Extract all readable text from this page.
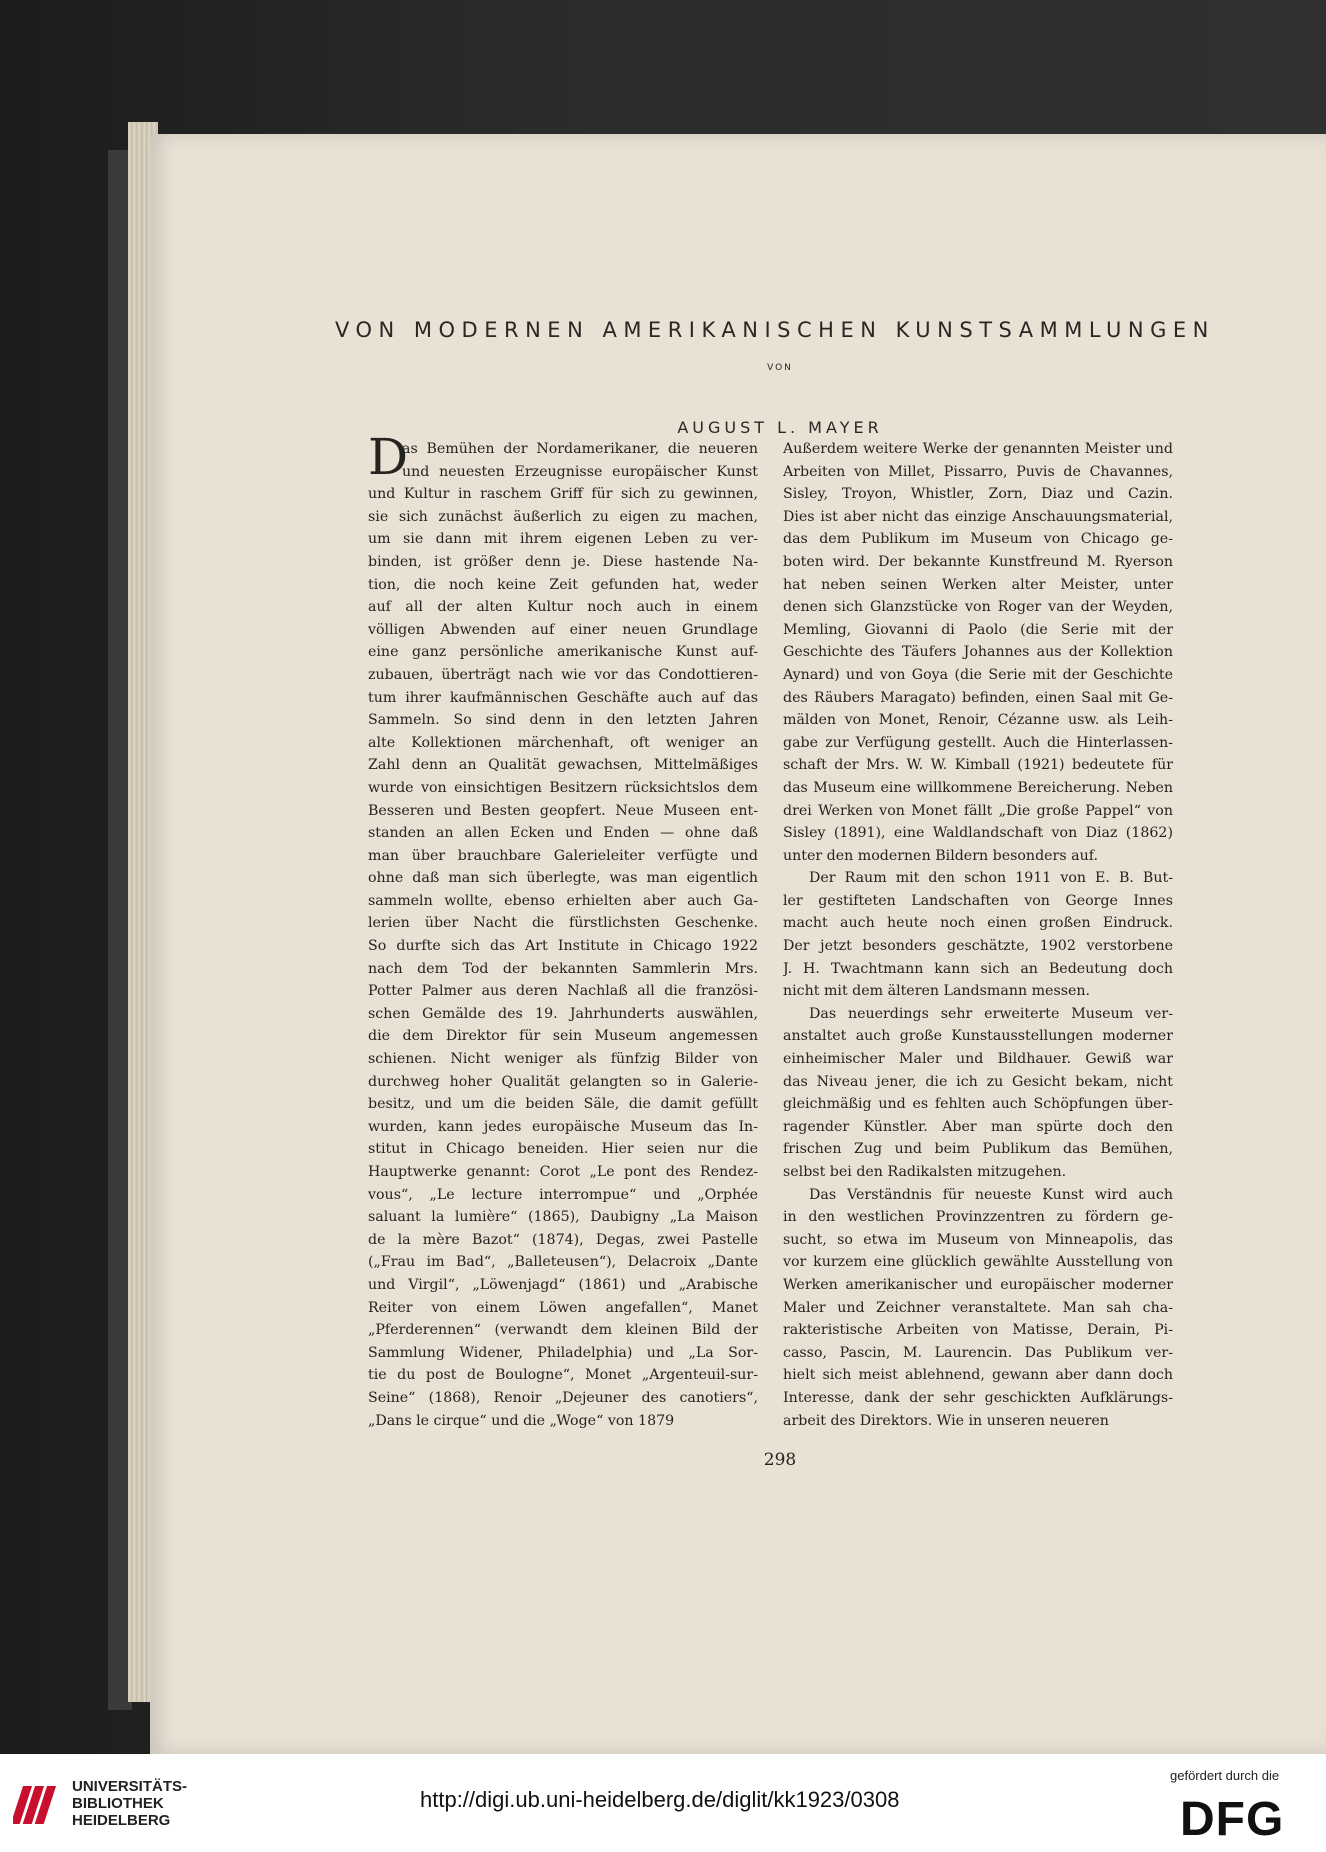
VON MODERNEN AMERIKANISCHEN KUNSTSAMMLUNGEN
VON
AUGUST L. MAYER
D
as Bemühen der Nordamerikaner, die neueren
und neuesten Erzeugnisse europäischer Kunst
und Kultur in raschem Griff für sich zu gewinnen,
sie sich zunächst äußerlich zu eigen zu machen,
um sie dann mit ihrem eigenen Leben zu ver-
binden, ist größer denn je. Diese hastende Na-
tion, die noch keine Zeit gefunden hat, weder
auf all der alten Kultur noch auch in einem
völligen Abwenden auf einer neuen Grundlage
eine ganz persönliche amerikanische Kunst auf-
zubauen, überträgt nach wie vor das Condottieren-
tum ihrer kaufmännischen Geschäfte auch auf das
Sammeln. So sind denn in den letzten Jahren
alte Kollektionen märchenhaft, oft weniger an
Zahl denn an Qualität gewachsen, Mittelmäßiges
wurde von einsichtigen Besitzern rücksichtslos dem
Besseren und Besten geopfert. Neue Museen ent-
standen an allen Ecken und Enden — ohne daß
man über brauchbare Galerieleiter verfügte und
ohne daß man sich überlegte, was man eigentlich
sammeln wollte, ebenso erhielten aber auch Ga-
lerien über Nacht die fürstlichsten Geschenke.
So durfte sich das Art Institute in Chicago 1922
nach dem Tod der bekannten Sammlerin Mrs.
Potter Palmer aus deren Nachlaß all die französi-
schen Gemälde des 19. Jahrhunderts auswählen,
die dem Direktor für sein Museum angemessen
schienen. Nicht weniger als fünfzig Bilder von
durchweg hoher Qualität gelangten so in Galerie-
besitz, und um die beiden Säle, die damit gefüllt
wurden, kann jedes europäische Museum das In-
stitut in Chicago beneiden. Hier seien nur die
Hauptwerke genannt: Corot „Le pont des Rendez-
vous“, „Le lecture interrompue“ und „Orphée
saluant la lumière“ (1865), Daubigny „La Maison
de la mère Bazot“ (1874), Degas, zwei Pastelle
(„Frau im Bad“, „Balleteusen“), Delacroix „Dante
und Virgil“, „Löwenjagd“ (1861) und „Arabische
Reiter von einem Löwen angefallen“, Manet
„Pferderennen“ (verwandt dem kleinen Bild der
Sammlung Widener, Philadelphia) und „La Sor-
tie du post de Boulogne“, Monet „Argenteuil-sur-
Seine“ (1868), Renoir „Dejeuner des canotiers“,
„Dans le cirque“ und die „Woge“ von 1879
Außerdem weitere Werke der genannten Meister und
Arbeiten von Millet, Pissarro, Puvis de Chavannes,
Sisley, Troyon, Whistler, Zorn, Diaz und Cazin.
Dies ist aber nicht das einzige Anschauungsmaterial,
das dem Publikum im Museum von Chicago ge-
boten wird. Der bekannte Kunstfreund M. Ryerson
hat neben seinen Werken alter Meister, unter
denen sich Glanzstücke von Roger van der Weyden,
Memling, Giovanni di Paolo (die Serie mit der
Geschichte des Täufers Johannes aus der Kollektion
Aynard) und von Goya (die Serie mit der Geschichte
des Räubers Maragato) befinden, einen Saal mit Ge-
mälden von Monet, Renoir, Cézanne usw. als Leih-
gabe zur Verfügung gestellt. Auch die Hinterlassen-
schaft der Mrs. W. W. Kimball (1921) bedeutete für
das Museum eine willkommene Bereicherung. Neben
drei Werken von Monet fällt „Die große Pappel“ von
Sisley (1891), eine Waldlandschaft von Diaz (1862)
unter den modernen Bildern besonders auf.
Der Raum mit den schon 1911 von E. B. But-
ler gestifteten Landschaften von George Innes
macht auch heute noch einen großen Eindruck.
Der jetzt besonders geschätzte, 1902 verstorbene
J. H. Twachtmann kann sich an Bedeutung doch
nicht mit dem älteren Landsmann messen.
Das neuerdings sehr erweiterte Museum ver-
anstaltet auch große Kunstausstellungen moderner
einheimischer Maler und Bildhauer. Gewiß war
das Niveau jener, die ich zu Gesicht bekam, nicht
gleichmäßig und es fehlten auch Schöpfungen über-
ragender Künstler. Aber man spürte doch den
frischen Zug und beim Publikum das Bemühen,
selbst bei den Radikalsten mitzugehen.
Das Verständnis für neueste Kunst wird auch
in den westlichen Provinzzentren zu fördern ge-
sucht, so etwa im Museum von Minneapolis, das
vor kurzem eine glücklich gewählte Ausstellung von
Werken amerikanischer und europäischer moderner
Maler und Zeichner veranstaltete. Man sah cha-
rakteristische Arbeiten von Matisse, Derain, Pi-
casso, Pascin, M. Laurencin. Das Publikum ver-
hielt sich meist ablehnend, gewann aber dann doch
Interesse, dank der sehr geschickten Aufklärungs-
arbeit des Direktors. Wie in unseren neueren
298
UNIVERSITÄTS-
BIBLIOTHEK
HEIDELBERG
http://digi.ub.uni-heidelberg.de/diglit/kk1923/0308
gefördert durch die
DFG
